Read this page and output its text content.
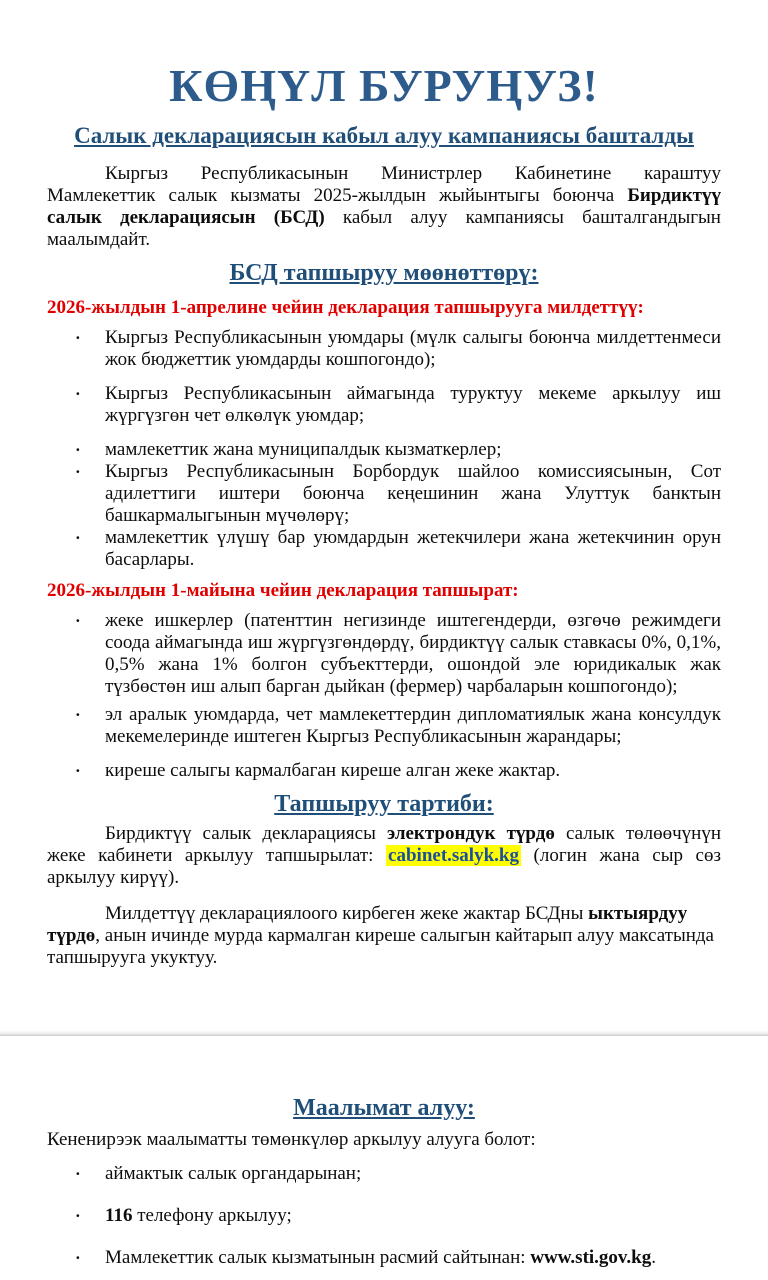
КӨҢҮЛ БУРУҢУЗ!
Салык декларациясын кабыл алуу кампаниясы башталды

Кыргыз Республикасынын Министрлер Кабинетине караштуу Мамлекеттик салык кызматы 2025-жылдын жыйынтыгы боюнча Бирдиктүү салык декларациясын (БСД) кабыл алуу кампаниясы башталгандыгын маалымдайт.

БСД тапшыруу мөөнөттөрү:
2026-жылдын 1-апрелине чейин декларация тапшырууга милдеттүү:
·	Кыргыз Республикасынын уюмдары (мүлк салыгы боюнча милдеттенмеси жок бюджеттик уюмдарды кошпогондо);
·	Кыргыз Республикасынын аймагында туруктуу мекеме аркылуу иш жүргүзгөн чет өлкөлүк уюмдар;
·	мамлекеттик жана муниципалдык кызматкерлер;
·	Кыргыз Республикасынын Борбордук шайлоо комиссиясынын, Сот адилеттиги иштери боюнча кеңешинин жана Улуттук банктын башкармалыгынын мүчөлөрү;
·	мамлекеттик үлүшү бар уюмдардын жетекчилери жана жетекчинин орун басарлары.
2026-жылдын 1-майына чейин декларация тапшырат:
·	жеке ишкерлер (патенттин негизинде иштегендерди, өзгөчө режимдеги соода аймагында иш жүргүзгөндөрдү, бирдиктүү салык ставкасы 0%, 0,1%, 0,5% жана 1% болгон субъекттерди, ошондой эле юридикалык жак түзбөстөн иш алып барган дыйкан (фермер) чарбаларын кошпогондо);
·	эл аралык уюмдарда, чет мамлекеттердин дипломатиялык жана консулдук мекемелеринде иштеген Кыргыз Республикасынын жарандары;
·	киреше салыгы кармалбаган киреше алган жеке жактар.
Тапшыруу тартиби:

Бирдиктүү салык декларациясы электрондук түрдө салык төлөөчүнүн жеке кабинети аркылуу тапшырылат: cabinet.salyk.kg (логин жана сыр сөз аркылуу кирүү).

Милдеттүү декларациялоого кирбеген жеке жактар БСДны ыктыярдуу түрдө, анын ичинде мурда кармалган киреше салыгын кайтарып алуу максатында тапшырууга укуктуу.

Маалымат алуу:

Кененирээк маалыматты төмөнкүлөр аркылуу алууга болот:

·	аймактык салык органдарынан;
·	116 телефону аркылуу;
·	Мамлекеттик салык кызматынын расмий сайтынан: www.sti.gov.kg.
